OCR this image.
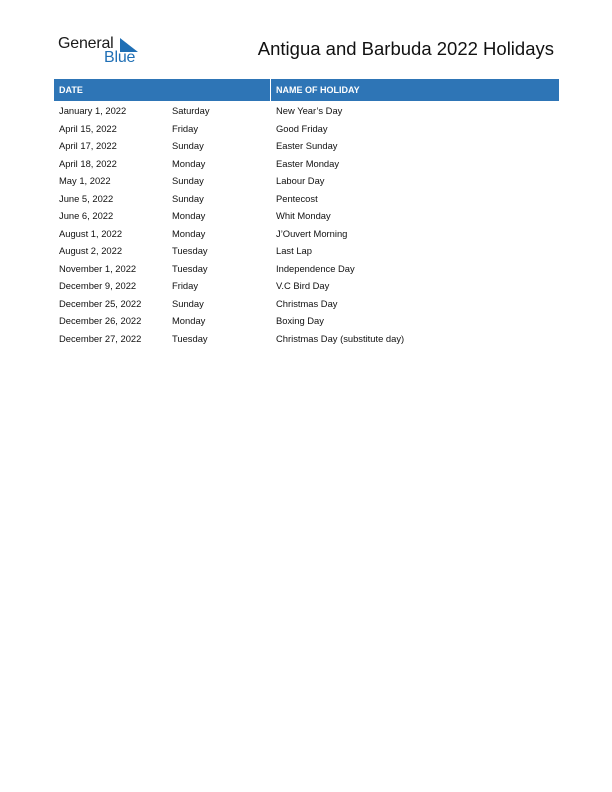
General
Blue	Antigua and Barbuda 2022 Holidays
DATE	NAME OF HOLIDAY
January 1, 2022	Saturday	New Year’s Day
April 15, 2022	Friday	Good Friday
April 17, 2022	Sunday	Easter Sunday
April 18, 2022	Monday	Easter Monday
May 1, 2022	Sunday	Labour Day
June 5, 2022	Sunday	Pentecost
June 6, 2022	Monday	Whit Monday
August 1, 2022	Monday	J’Ouvert Morning
August 2, 2022	Tuesday	Last Lap
November 1, 2022	Tuesday	Independence Day
December 9, 2022	Friday	V.C Bird Day
December 25, 2022	Sunday	Christmas Day
December 26, 2022	Monday	Boxing Day
December 27, 2022	Tuesday	Christmas Day (substitute day)
